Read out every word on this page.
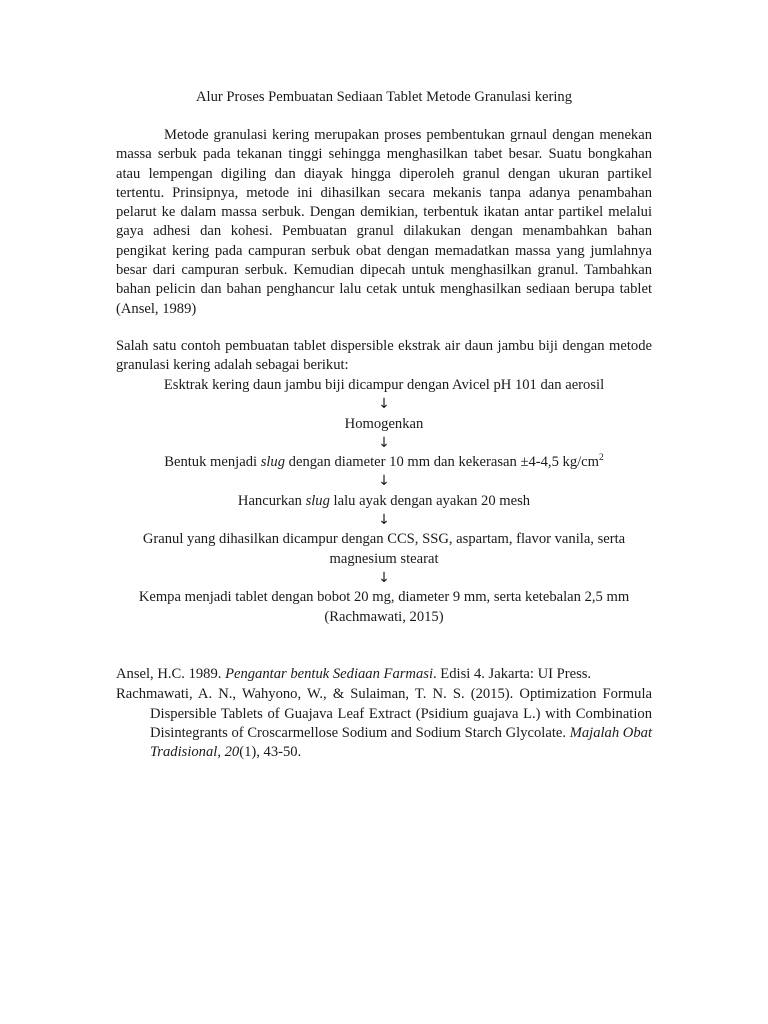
Alur Proses Pembuatan Sediaan Tablet Metode Granulasi kering

Metode granulasi kering merupakan proses pembentukan grnaul dengan menekan massa serbuk pada tekanan tinggi sehingga menghasilkan tabet besar. Suatu bongkahan atau lempengan digiling dan diayak hingga diperoleh granul dengan ukuran partikel tertentu. Prinsipnya, metode ini dihasilkan secara mekanis tanpa adanya penambahan pelarut ke dalam massa serbuk. Dengan demikian, terbentuk ikatan antar partikel melalui gaya adhesi dan kohesi. Pembuatan granul dilakukan dengan menambahkan bahan pengikat kering pada campuran serbuk obat dengan memadatkan massa yang jumlahnya besar dari campuran serbuk. Kemudian dipecah untuk menghasilkan granul. Tambahkan bahan pelicin dan bahan penghancur lalu cetak untuk menghasilkan sediaan berupa tablet (Ansel, 1989)

Salah satu contoh pembuatan tablet dispersible ekstrak air daun jambu biji dengan metode granulasi kering adalah sebagai berikut:

Esktrak kering daun jambu biji dicampur dengan Avicel pH 101 dan aerosil
↓
Homogenkan
↓
Bentuk menjadi slug dengan diameter 10 mm dan kekerasan ±4-4,5 $kg/cm^2$
↓
Hancurkan slug lalu ayak dengan ayakan 20 mesh
↓
Granul yang dihasilkan dicampur dengan CCS, SSG, aspartam, flavor vanila, serta
magnesium stearat
↓
Kempa menjadi tablet dengan bobot 20 mg, diameter 9 mm, serta ketebalan 2,5 mm
(Rachmawati, 2015)

Ansel, H.C. 1989. Pengantar bentuk Sediaan Farmasi. Edisi 4. Jakarta: UI Press.

Rachmawati, A. N., Wahyono, W., & Sulaiman, T. N. S. (2015). Optimization Formula Dispersible Tablets of Guajava Leaf Extract (Psidium guajava L.) with Combination Disintegrants of Croscarmellose Sodium and Sodium Starch Glycolate. Majalah Obat Tradisional, 20(1), 43-50.
